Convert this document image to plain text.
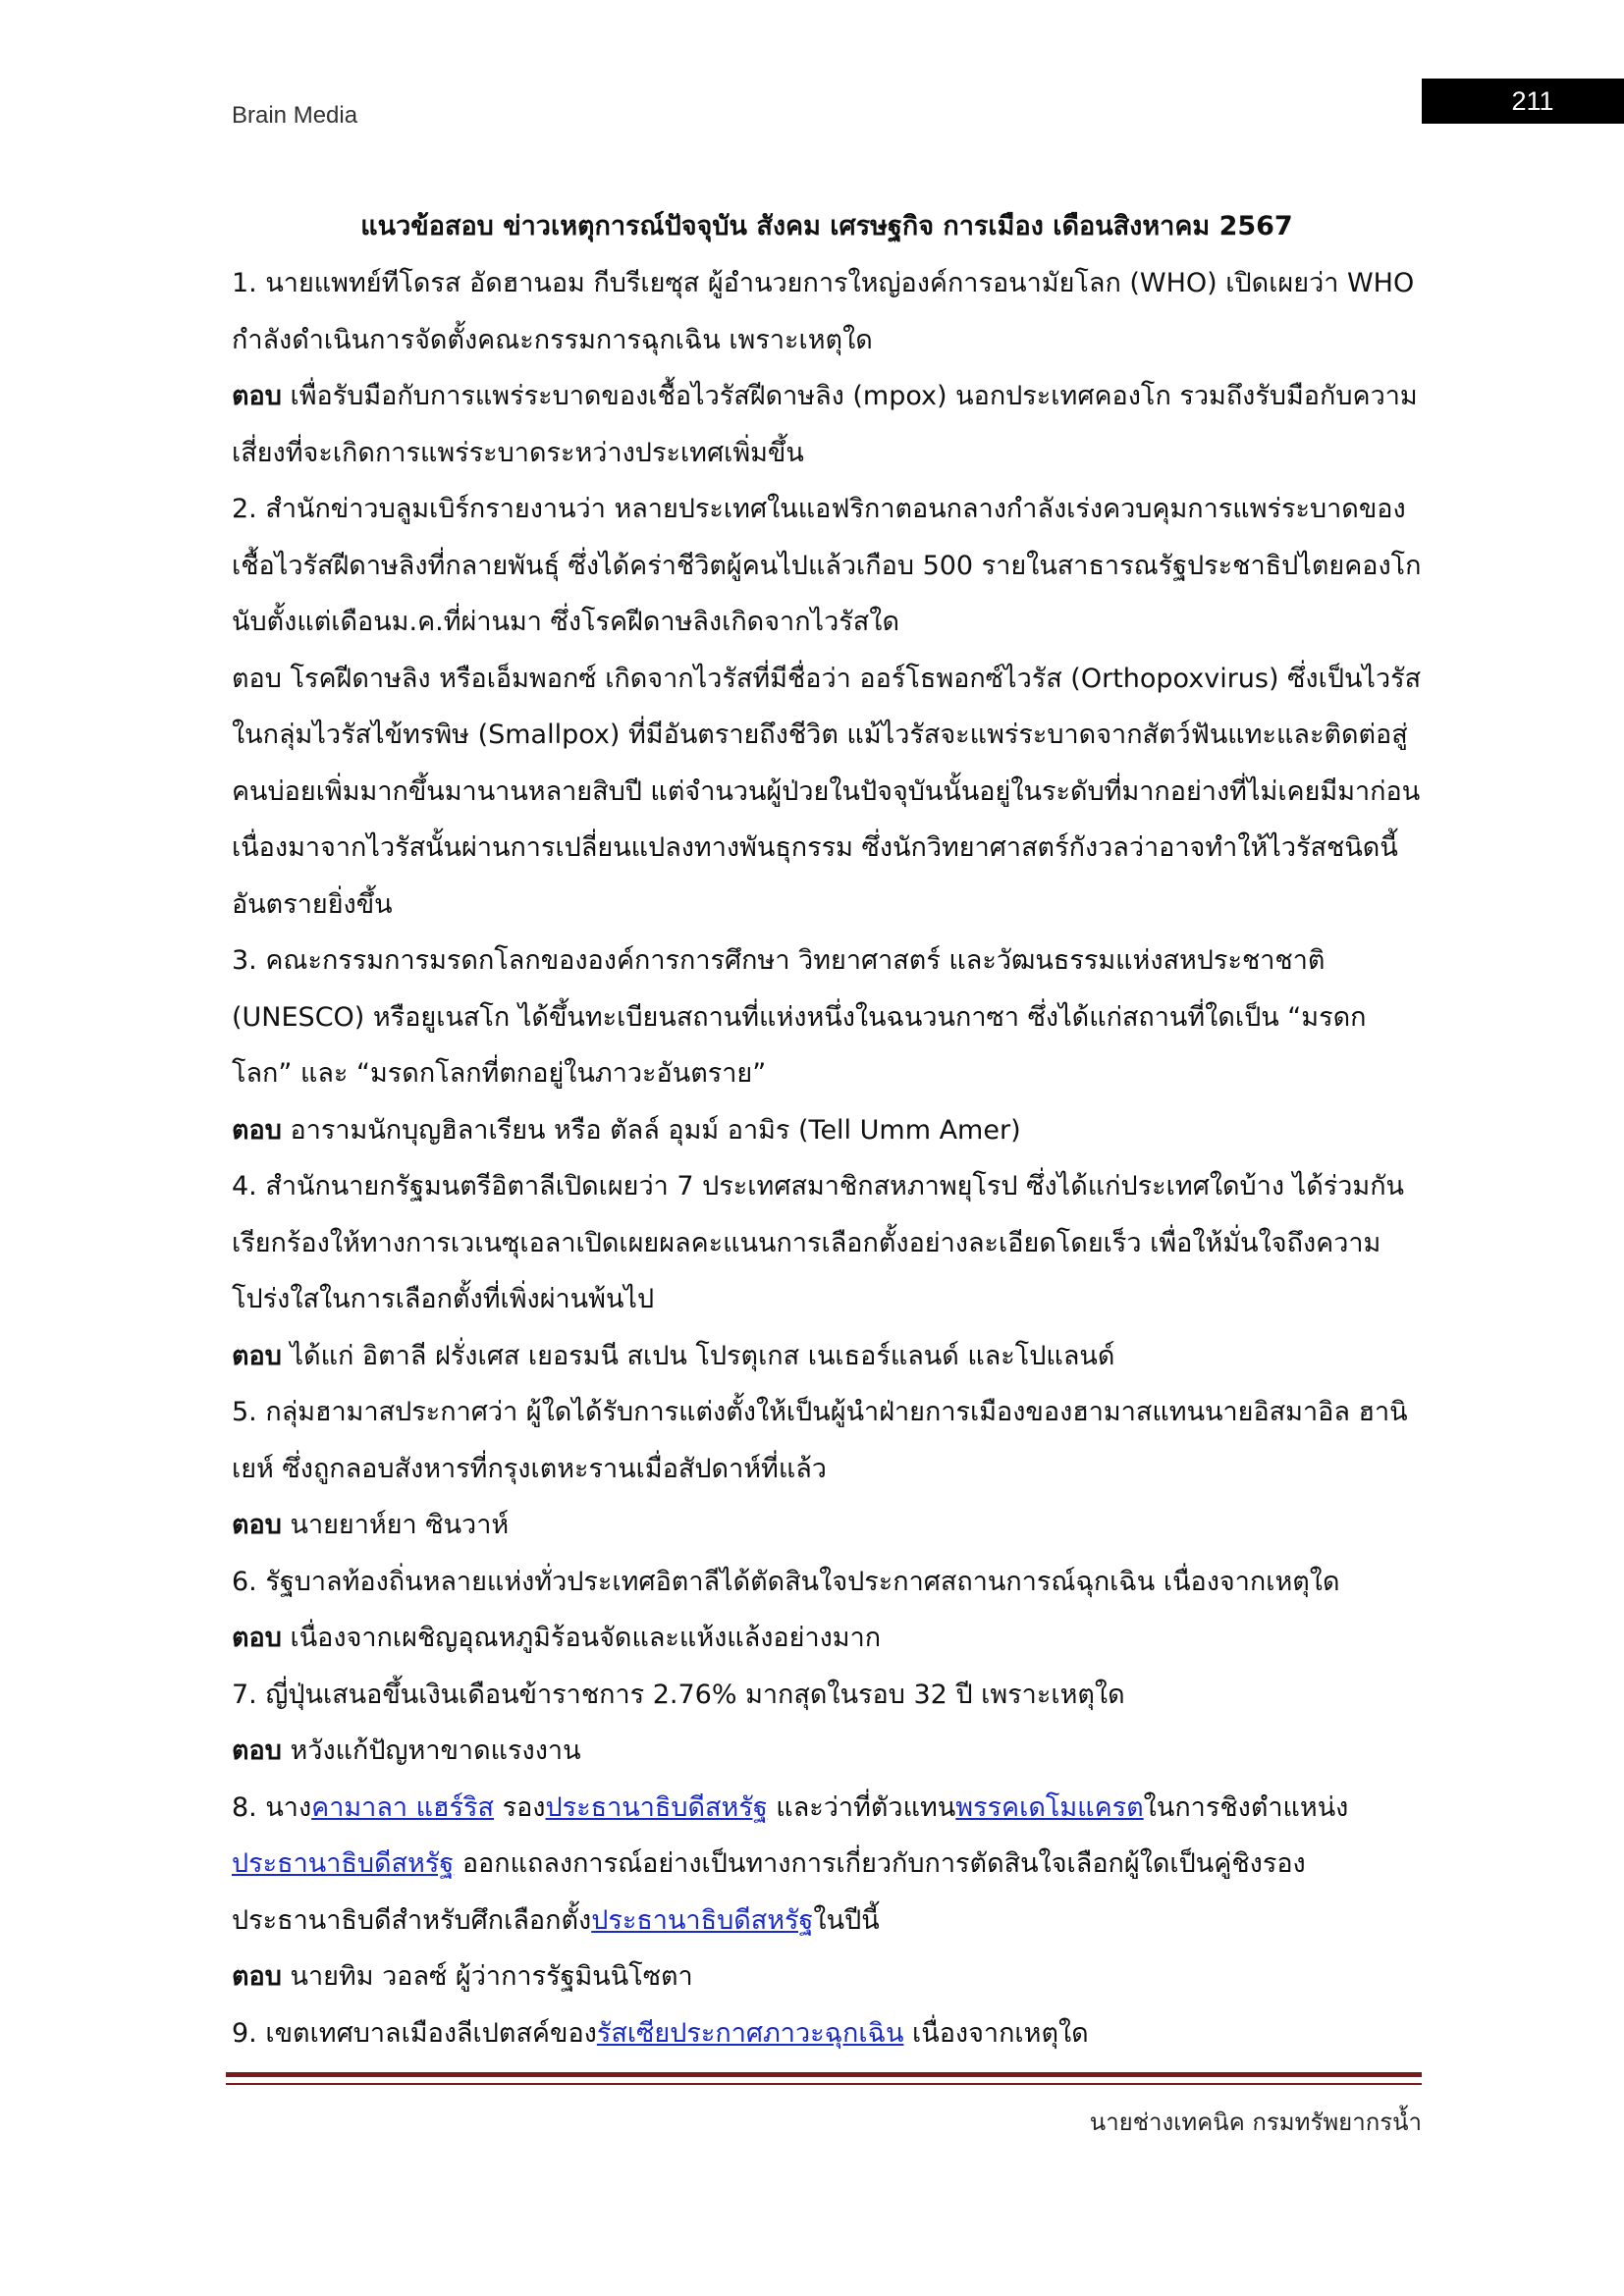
Brain Media	211
แนวข้อสอบ ข่าวเหตุการณ์ปัจจุบัน สังคม เศรษฐกิจ การเมือง เดือนสิงหาคม 2567

1. นายแพทย์ทีโดรส อัดฮานอม กีบรีเยซุส ผู้อำนวยการใหญ่องค์การอนามัยโลก (WHO) เปิดเผยว่า WHO กำลังดำเนินการจัดตั้งคณะกรรมการฉุกเฉิน เพราะเหตุใด

ตอบ เพื่อรับมือกับการแพร่ระบาดของเชื้อไวรัสฝีดาษลิง (mpox) นอกประเทศคองโก รวมถึงรับมือกับความเสี่ยงที่จะเกิดการแพร่ระบาดระหว่างประเทศเพิ่มขึ้น

2. สำนักข่าวบลูมเบิร์กรายงานว่า หลายประเทศในแอฟริกาตอนกลางกำลังเร่งควบคุมการแพร่ระบาดของเชื้อไวรัสฝีดาษลิงที่กลายพันธุ์ ซึ่งได้คร่าชีวิตผู้คนไปแล้วเกือบ 500 รายในสาธารณรัฐประชาธิปไตยคองโกนับตั้งแต่เดือนม.ค.ที่ผ่านมา ซึ่งโรคฝีดาษลิงเกิดจากไวรัสใด

ตอบ โรคฝีดาษลิง หรือเอ็มพอกซ์ เกิดจากไวรัสที่มีชื่อว่า ออร์โธพอกซ์ไวรัส (Orthopoxvirus) ซึ่งเป็นไวรัสในกลุ่มไวรัสไข้ทรพิษ (Smallpox) ที่มีอันตรายถึงชีวิต แม้ไวรัสจะแพร่ระบาดจากสัตว์ฟันแทะและติดต่อสู่คนบ่อยเพิ่มมากขึ้นมานานหลายสิบปี แต่จำนวนผู้ป่วยในปัจจุบันนั้นอยู่ในระดับที่มากอย่างที่ไม่เคยมีมาก่อน เนื่องมาจากไวรัสนั้นผ่านการเปลี่ยนแปลงทางพันธุกรรม ซึ่งนักวิทยาศาสตร์กังวลว่าอาจทำให้ไวรัสชนิดนี้อันตรายยิ่งขึ้น

3. คณะกรรมการมรดกโลกขององค์การการศึกษา วิทยาศาสตร์ และวัฒนธรรมแห่งสหประชาชาติ (UNESCO) หรือยูเนสโก ได้ขึ้นทะเบียนสถานที่แห่งหนึ่งในฉนวนกาซา ซึ่งได้แก่สถานที่ใดเป็น “มรดกโลก” และ “มรดกโลกที่ตกอยู่ในภาวะอันตราย”

ตอบ อารามนักบุญฮิลาเรียน หรือ ตัลล์ อุมม์ อามิร (Tell Umm Amer)

4. สำนักนายกรัฐมนตรีอิตาลีเปิดเผยว่า 7 ประเทศสมาชิกสหภาพยุโรป ซึ่งได้แก่ประเทศใดบ้าง ได้ร่วมกันเรียกร้องให้ทางการเวเนซุเอลาเปิดเผยผลคะแนนการเลือกตั้งอย่างละเอียดโดยเร็ว เพื่อให้มั่นใจถึงความโปร่งใสในการเลือกตั้งที่เพิ่งผ่านพ้นไป

ตอบ ได้แก่ อิตาลี ฝรั่งเศส เยอรมนี สเปน โปรตุเกส เนเธอร์แลนด์ และโปแลนด์

5. กลุ่มฮามาสประกาศว่า ผู้ใดได้รับการแต่งตั้งให้เป็นผู้นำฝ่ายการเมืองของฮามาสแทนนายอิสมาอิล ฮานิเยห์ ซึ่งถูกลอบสังหารที่กรุงเตหะรานเมื่อสัปดาห์ที่แล้ว

ตอบ นายยาห์ยา ซินวาห์

6. รัฐบาลท้องถิ่นหลายแห่งทั่วประเทศอิตาลีได้ตัดสินใจประกาศสถานการณ์ฉุกเฉิน เนื่องจากเหตุใด

ตอบ เนื่องจากเผชิญอุณหภูมิร้อนจัดและแห้งแล้งอย่างมาก

7. ญี่ปุ่นเสนอขึ้นเงินเดือนข้าราชการ 2.76% มากสุดในรอบ 32 ปี เพราะเหตุใด

ตอบ หวังแก้ปัญหาขาดแรงงาน

8. นางคามาลา แฮร์ริส รองประธานาธิบดีสหรัฐ และว่าที่ตัวแทนพรรคเดโมแครตในการชิงตำแหน่งประธานาธิบดีสหรัฐ ออกแถลงการณ์อย่างเป็นทางการเกี่ยวกับการตัดสินใจเลือกผู้ใดเป็นคู่ชิงรองประธานาธิบดีสำหรับศึกเลือกตั้งประธานาธิบดีสหรัฐในปีนี้

ตอบ นายทิม วอลซ์ ผู้ว่าการรัฐมินนิโซตา

9. เขตเทศบาลเมืองลีเปตสค์ของรัสเซียประกาศภาวะฉุกเฉิน เนื่องจากเหตุใด

นายช่างเทคนิค กรมทรัพยากรน้ำ
